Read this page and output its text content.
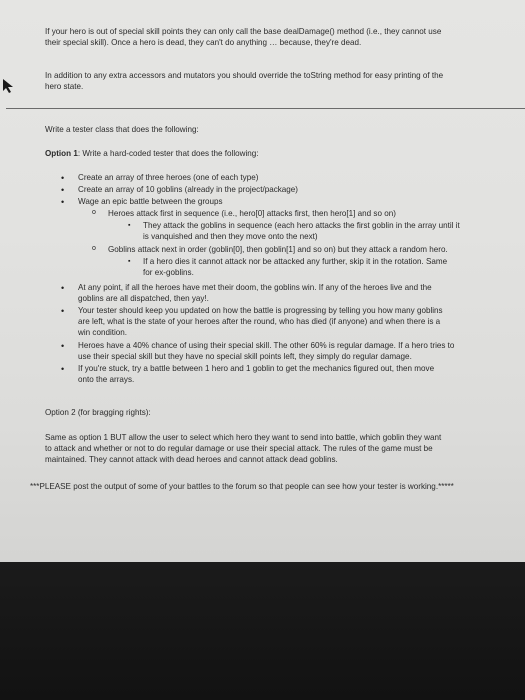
If your hero is out of special skill points they can only call the base dealDamage() method (i.e., they cannot use
their special skill). Once a hero is dead, they can't do anything … because, they're dead.
In addition to any extra accessors and mutators you should override the toString method for easy printing of the
hero state.
Write a tester class that does the following:
Option 1: Write a hard-coded tester that does the following:
• Create an array of three heroes (one of each type)
• Create an array of 10 goblins (already in the project/package)
• Wage an epic battle between the groups
o Heroes attack first in sequence (i.e., hero[0] attacks first, then hero[1] and so on)
▪ They attack the goblins in sequence (each hero attacks the first goblin in the array until it
is vanquished and then they move onto the next)
o Goblins attack next in order (goblin[0], then goblin[1] and so on) but they attack a random hero.
▪ If a hero dies it cannot attack nor be attacked any further, skip it in the rotation. Same
for ex-goblins.
• At any point, if all the heroes have met their doom, the goblins win. If any of the heroes live and the
goblins are all dispatched, then yay!.
• Your tester should keep you updated on how the battle is progressing by telling you how many goblins
are left, what is the state of your heroes after the round, who has died (if anyone) and when there is a
win condition.
• Heroes have a 40% chance of using their special skill. The other 60% is regular damage. If a hero tries to
use their special skill but they have no special skill points left, they simply do regular damage.
• If you're stuck, try a battle between 1 hero and 1 goblin to get the mechanics figured out, then move
onto the arrays.
Option 2 (for bragging rights):
Same as option 1 BUT allow the user to select which hero they want to send into battle, which goblin they want
to attack and whether or not to do regular damage or use their special attack. The rules of the game must be
maintained. They cannot attack with dead heroes and cannot attack dead goblins.
***PLEASE post the output of some of your battles to the forum so that people can see how your tester is working.*****
